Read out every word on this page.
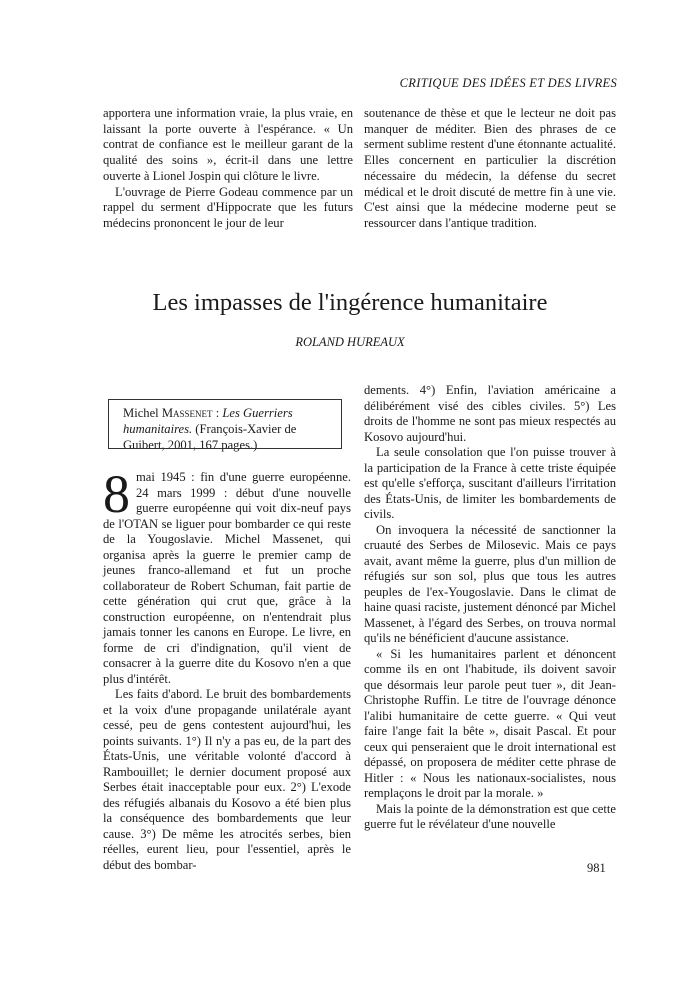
CRITIQUE DES IDÉES ET DES LIVRES

apportera une information vraie, la plus vraie, en laissant la porte ouverte à l'espérance. « Un contrat de confiance est le meilleur garant de la qualité des soins », écrit-il dans une lettre ouverte à Lionel Jospin qui clôture le livre.

L'ouvrage de Pierre Godeau commence par un rappel du serment d'Hippocrate que les futurs médecins prononcent le jour de leur

soutenance de thèse et que le lecteur ne doit pas manquer de méditer. Bien des phrases de ce serment sublime restent d'une étonnante actualité. Elles concernent en particulier la discrétion nécessaire du médecin, la défense du secret médical et le droit discuté de mettre fin à une vie. C'est ainsi que la médecine moderne peut se ressourcer dans l'antique tradition.

Les impasses de l'ingérence humanitaire
ROLAND HUREAUX
Michel Massenet : Les Guerriers humanitaires. (François-Xavier de Guibert, 2001, 167 pages.)

8 mai 1945 : fin d'une guerre européenne. 24 mars 1999 : début d'une nouvelle guerre européenne qui voit dix-neuf pays de l'OTAN se liguer pour bombarder ce qui reste de la Yougoslavie. Michel Massenet, qui organisa après la guerre le premier camp de jeunes franco-allemand et fut un proche collaborateur de Robert Schuman, fait partie de cette génération qui crut que, grâce à la construction européenne, on n'entendrait plus jamais tonner les canons en Europe. Le livre, en forme de cri d'indignation, qu'il vient de consacrer à la guerre dite du Kosovo n'en a que plus d'intérêt.

Les faits d'abord. Le bruit des bombardements et la voix d'une propagande unilatérale ayant cessé, peu de gens contestent aujourd'hui, les points suivants. 1°) Il n'y a pas eu, de la part des États-Unis, une véritable volonté d'accord à Rambouillet; le dernier document proposé aux Serbes était inacceptable pour eux. 2°) L'exode des réfugiés albanais du Kosovo a été bien plus la conséquence des bombardements que leur cause. 3°) De même les atrocités serbes, bien réelles, eurent lieu, pour l'essentiel, après le début des bombar-

dements. 4°) Enfin, l'aviation américaine a délibérément visé des cibles civiles. 5°) Les droits de l'homme ne sont pas mieux respectés au Kosovo aujourd'hui.

La seule consolation que l'on puisse trouver à la participation de la France à cette triste équipée est qu'elle s'efforça, suscitant d'ailleurs l'irritation des États-Unis, de limiter les bombardements de civils.

On invoquera la nécessité de sanctionner la cruauté des Serbes de Milosevic. Mais ce pays avait, avant même la guerre, plus d'un million de réfugiés sur son sol, plus que tous les autres peuples de l'ex-Yougoslavie. Dans le climat de haine quasi raciste, justement dénoncé par Michel Massenet, à l'égard des Serbes, on trouva normal qu'ils ne bénéficient d'aucune assistance.

« Si les humanitaires parlent et dénoncent comme ils en ont l'habitude, ils doivent savoir que désormais leur parole peut tuer », dit Jean-Christophe Ruffin. Le titre de l'ouvrage dénonce l'alibi humanitaire de cette guerre. « Qui veut faire l'ange fait la bête », disait Pascal. Et pour ceux qui penseraient que le droit international est dépassé, on proposera de méditer cette phrase de Hitler : « Nous les nationaux-socialistes, nous remplaçons le droit par la morale. »

Mais la pointe de la démonstration est que cette guerre fut le révélateur d'une nouvelle

981
